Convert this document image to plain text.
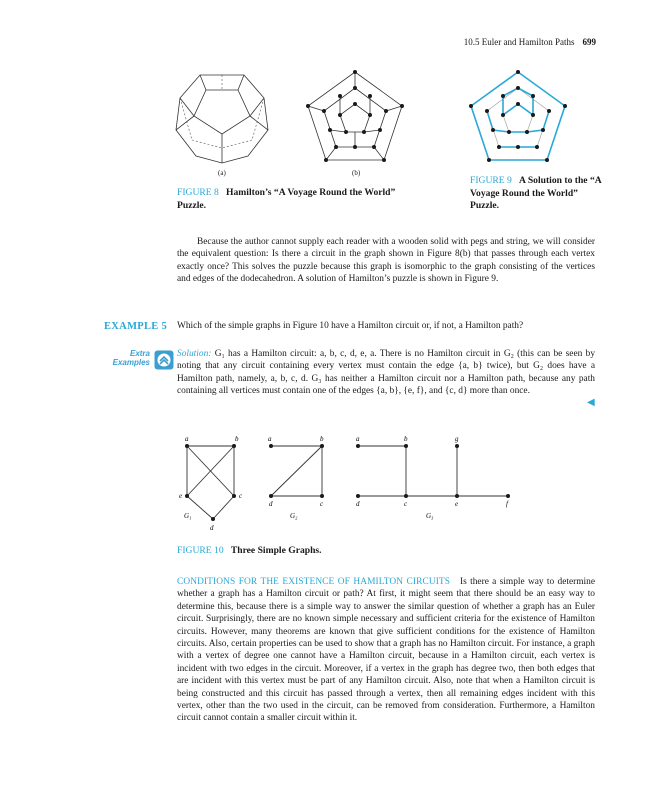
10.5 Euler and Hamilton Paths 699
(a)	(b)
FIGURE 8 Hamilton’s “A Voyage Round the World” Puzzle.
FIGURE 9 A Solution to the “A Voyage Round the World” Puzzle.
Because the author cannot supply each reader with a wooden solid with pegs and string, we will consider the equivalent question: Is there a circuit in the graph shown in Figure 8(b) that passes through each vertex exactly once? This solves the puzzle because this graph is isomorphic to the graph consisting of the vertices and edges of the dodecahedron. A solution of Hamilton’s puzzle is shown in Figure 9.
EXAMPLE 5 Which of the simple graphs in Figure 10 have a Hamilton circuit or, if not, a Hamilton path?
Extra
Examples
Solution: G₁ has a Hamilton circuit: a, b, c, d, e, a. There is no Hamilton circuit in G₂ (this can be seen by noting that any circuit containing every vertex must contain the edge {a, b} twice), but G₂ does have a Hamilton path, namely, a, b, c, d. G₃ has neither a Hamilton circuit nor a Hamilton path, because any path containing all vertices must contain one of the edges {a, b}, {e, f}, and {c, d} more than once.
◀
a	b
e	c
d
G₁
a	b
d	c
G₂
a	b	g
d	c	e	f
G₃
FIGURE 10 Three Simple Graphs.
CONDITIONS FOR THE EXISTENCE OF HAMILTON CIRCUITS Is there a simple way to determine whether a graph has a Hamilton circuit or path? At first, it might seem that there should be an easy way to determine this, because there is a simple way to answer the similar question of whether a graph has an Euler circuit. Surprisingly, there are no known simple necessary and sufficient criteria for the existence of Hamilton circuits. However, many theorems are known that give sufficient conditions for the existence of Hamilton circuits. Also, certain properties can be used to show that a graph has no Hamilton circuit. For instance, a graph with a vertex of degree one cannot have a Hamilton circuit, because in a Hamilton circuit, each vertex is incident with two edges in the circuit. Moreover, if a vertex in the graph has degree two, then both edges that are incident with this vertex must be part of any Hamilton circuit. Also, note that when a Hamilton circuit is being constructed and this circuit has passed through a vertex, then all remaining edges incident with this vertex, other than the two used in the circuit, can be removed from consideration. Furthermore, a Hamilton circuit cannot contain a smaller circuit within it.
